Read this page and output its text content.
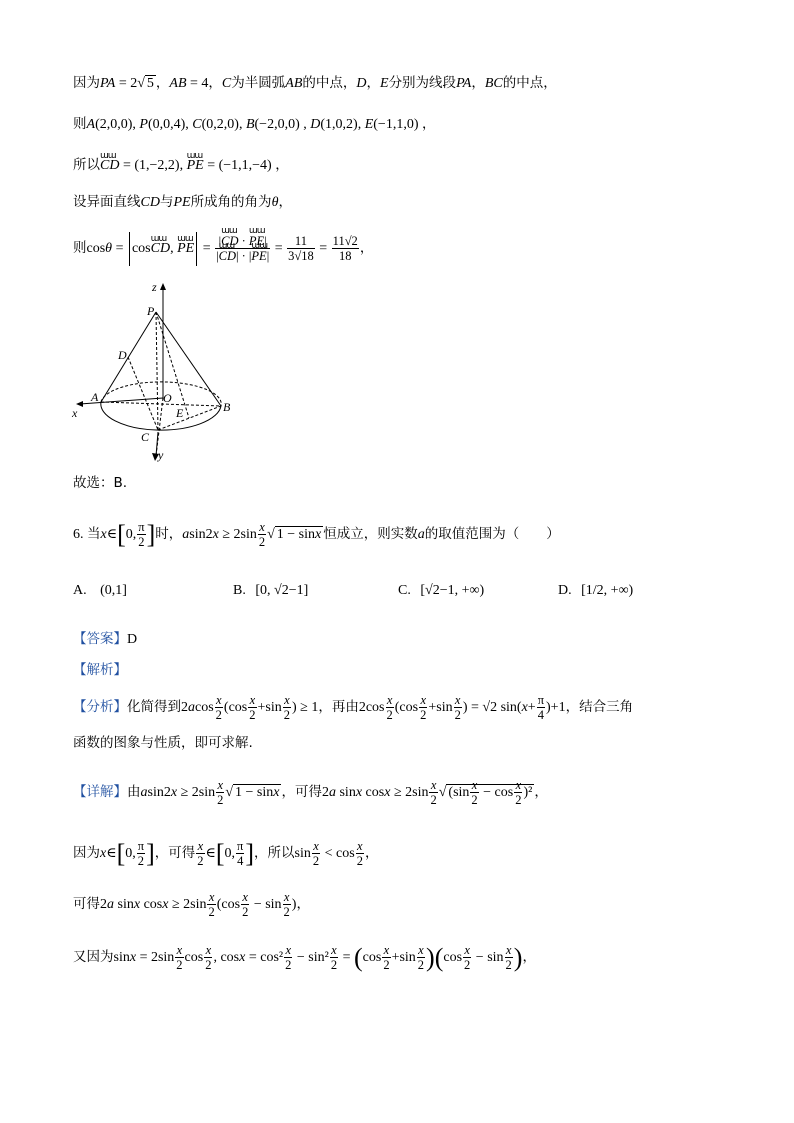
因为PA = 2√ 5 ，AB = 4，C为半圆弧AB的中点，D，E分别为线段PA，BC的中点，
则A(2,0,0), P(0,0,4), C(0,2,0), B(−2,0,0) , D(1,0,2), E(−1,1,0) ，
所以ɯɯ CD = (1,−2,2), ɯɯ PE = (−1,1,−4) ，
设异面直线CD与PE所成角的角为θ，
则cosθ = cosɯɯ CD, ɯɯ PE = $\frac{\text{|ɯɯ CD · ɯɯ PE|}}{\text{|ɯɯ CD| · |ɯɯ PE|}} = \frac{11}{3√18} = \frac{11√2}{18}$ ，
z
P
D
A	O
E	B
C
x
y
故选：B.
6. 当x∈[0, $\frac{\pi}{2}$ ]时，$asin2x \ge 2\sin \frac{x}{2}$ √ 1 − sinx 恒成立，则实数a的取值范围为（　　）
A. (0,1]	B. [0, √2−1]	C. [√2−1, +∞)	D. [1/2, +∞)
【答案】D
【解析】
【分析】化简得到$2acos \frac{x}{2} (\cos \frac{x}{2} +\sin \frac{x}{2}$ ) ≥ 1，再由$2\cos \frac{x}{2} (\cos \frac{x}{2} +\sin \frac{x}{2}$ ) = √2 $\sin(x+ \frac{\pi}{4} )+1$，结合三角
函数的图象与性质，即可求解.
【详解】由$asin2x \ge 2\sin \frac{x}{2}$ √ 1 − sinx ，可得2a sinx $\cos x \ge 2\sin \frac{x}{2}$ √ $(\sin \frac{x}{2} - \cos \frac{x}{2} )^2$ ，
因为x∈[0, $\frac{\pi}{2}$ ]，可得 $\frac{x}{2}$ ∈[0, $\frac{\pi}{4}$ ]，所以$\sin \frac{x}{2} < \cos \frac{x}{2}$ ，
可得2a sinx $\cos x \ge 2\sin \frac{x}{2} (\cos \frac{x}{2} - \sin \frac{x}{2}$ )，
又因为$\sin x = 2\sin \frac{x}{2}$ $\cos \frac{x}{2}$ , $\cos x = \cos^2 \frac{x}{2} - \sin^2 \frac{x}{2} = (\cos \frac{x}{2} +\sin \frac{x}{2} )(\cos \frac{x}{2} - \sin \frac{x}{2}$ )，
